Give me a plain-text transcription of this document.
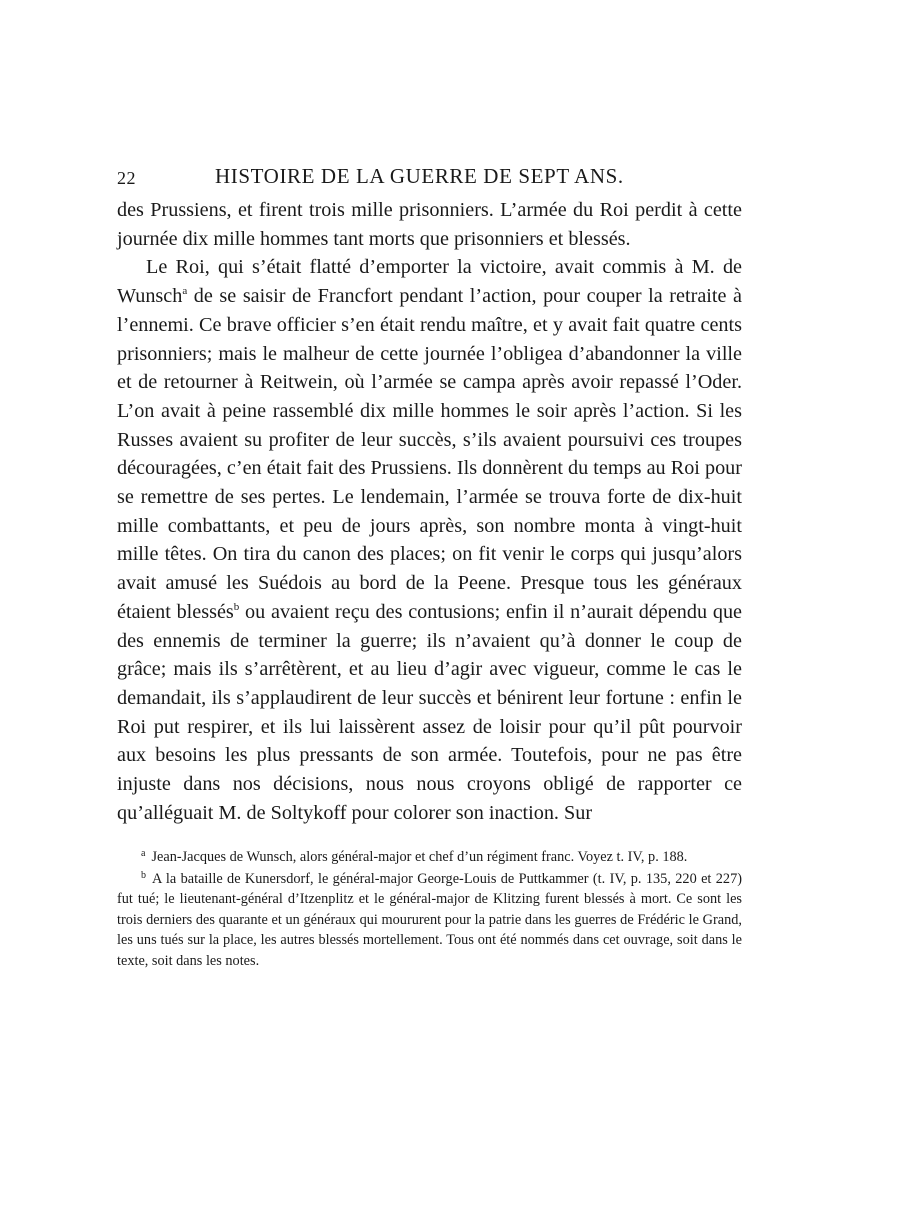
22	HISTOIRE DE LA GUERRE DE SEPT ANS.

des Prussiens, et firent trois mille prisonniers. L’armée du Roi perdit à cette journée dix mille hommes tant morts que prisonniers et blessés.

Le Roi, qui s’était flatté d’emporter la victoire, avait commis à M. de Wunsch$^a$ de se saisir de Francfort pendant l’action, pour couper la retraite à l’ennemi. Ce brave officier s’en était rendu maître, et y avait fait quatre cents prisonniers; mais le malheur de cette journée l’obligea d’abandonner la ville et de retourner à Reitwein, où l’armée se campa après avoir repassé l’Oder. L’on avait à peine rassemblé dix mille hommes le soir après l’action. Si les Russes avaient su profiter de leur succès, s’ils avaient poursuivi ces troupes découragées, c’en était fait des Prussiens. Ils donnèrent du temps au Roi pour se remettre de ses pertes. Le lendemain, l’armée se trouva forte de dix-huit mille combattants, et peu de jours après, son nombre monta à vingt-huit mille têtes. On tira du canon des places; on fit venir le corps qui jusqu’alors avait amusé les Suédois au bord de la Peene. Presque tous les généraux étaient blessés$^b$ ou avaient reçu des contusions; enfin il n’aurait dépendu que des ennemis de terminer la guerre; ils n’avaient qu’à donner le coup de grâce; mais ils s’arrêtèrent, et au lieu d’agir avec vigueur, comme le cas le demandait, ils s’applaudirent de leur succès et bénirent leur fortune : enfin le Roi put respirer, et ils lui laissèrent assez de loisir pour qu’il pût pourvoir aux besoins les plus pressants de son armée. Toutefois, pour ne pas être injuste dans nos décisions, nous nous croyons obligé de rapporter ce qu’alléguait M. de Soltykoff pour colorer son inaction. Sur

$^a$ Jean-Jacques de Wunsch, alors général-major et chef d’un régiment franc. Voyez t. IV, p. 188.

$^b$ A la bataille de Kunersdorf, le général-major George-Louis de Puttkammer (t. IV, p. 135, 220 et 227) fut tué; le lieutenant-général d’Itzenplitz et le général-major de Klitzing furent blessés à mort. Ce sont les trois derniers des quarante et un généraux qui moururent pour la patrie dans les guerres de Frédéric le Grand, les uns tués sur la place, les autres blessés mortellement. Tous ont été nommés dans cet ouvrage, soit dans le texte, soit dans les notes.
